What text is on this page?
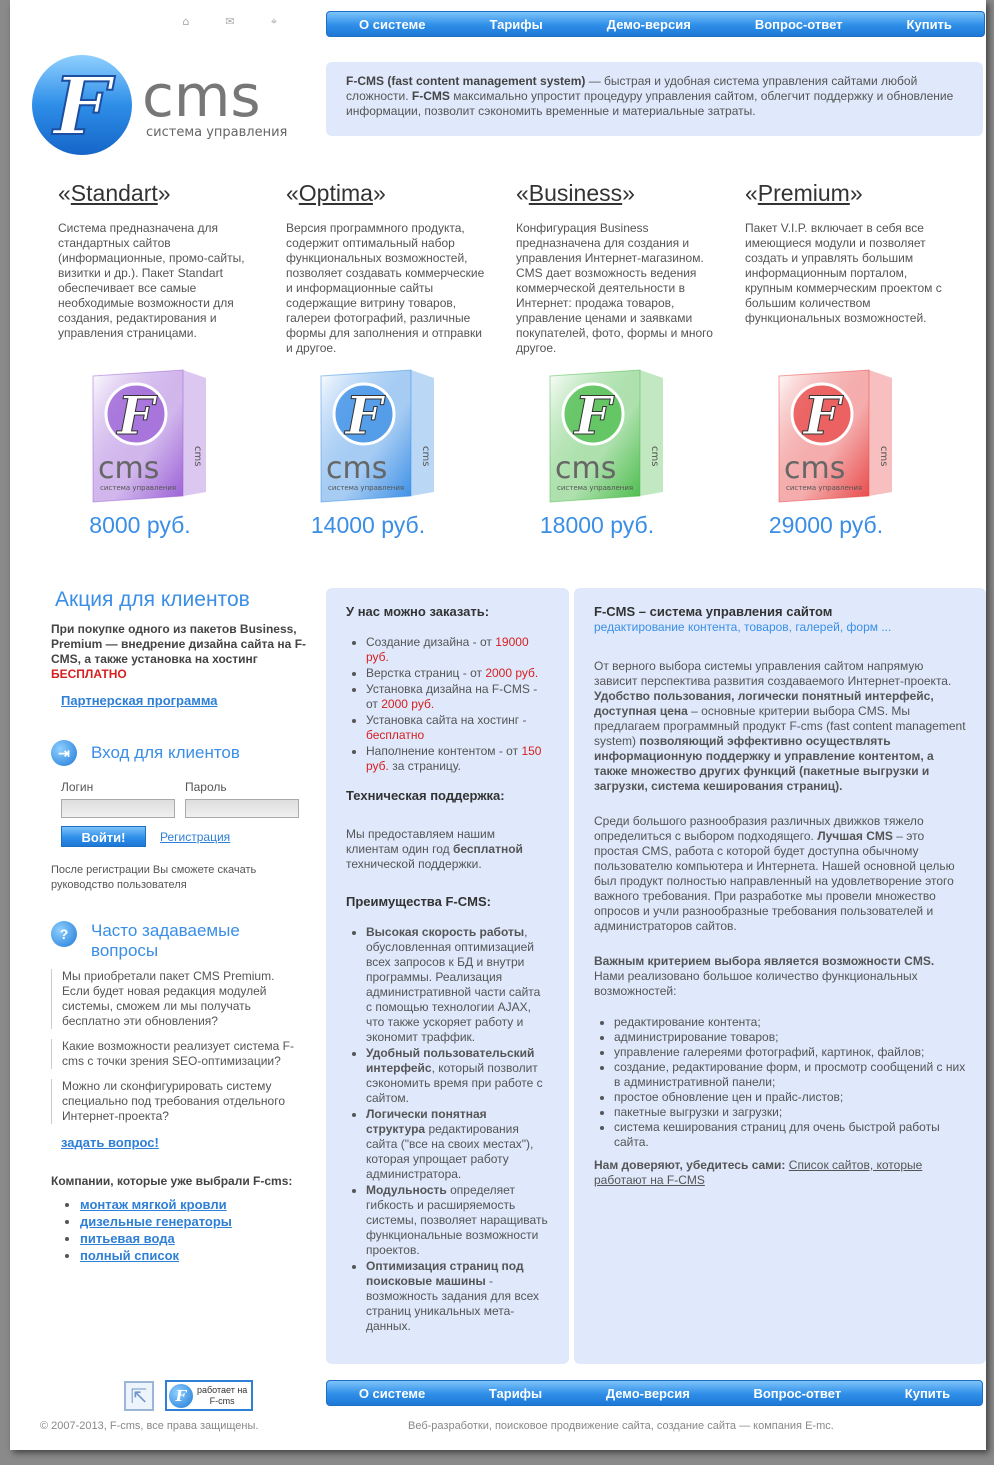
⌂	✉	⌖	О системе	Тарифы	Демо-версия	Вопрос-ответ	Купить
F cms
система управления
F-CMS (fast content management system) — быстрая и удобная система управления сайтами любой сложности. F-CMS максимально упростит процедуру управления сайтом, облегчит поддержку и обновление информации, позволит сэкономить временные и материальные затраты.
«Standart»
Система предназначена для стандартных сайтов (информационные, промо-сайты, визитки и др.). Пакет Standart обеспечивает все самые необходимые возможности для создания, редактирования и управления страницами.
«Optima»
Версия программного продукта, содержит оптимальный набор функциональных возможностей, позволяет создавать коммерческие и информационные сайты содержащие витрину товаров, галереи фотографий, различные формы для заполнения и отправки и другое.
«Business»
Конфигурация Business предназначена для создания и управления Интернет-магазином. CMS дает возможность ведения коммерческой деятельности в Интернет: продажа товаров, управление ценами и заявками покупателей, фото, формы и много другое.
«Premium»
Пакет V.I.P. включает в себя все имеющиеся модули и позволяет создать и управлять большим информационным порталом, крупным коммерческим проектом с большим количеством функциональных возможностей.
F
cms
система управления
cms
F
cms
система управления
cms
F
cms
система управления
cms
F
cms
система управления
cms
8000 руб.	14000 руб.	18000 руб.	29000 руб.
Акция для клиентов
При покупке одного из пакетов Business, Premium — внедрение дизайна сайта на F-CMS, а также установка на хостинг БЕСПЛАТНО
Партнерская программа
⇥	Вход для клиентов
Логин	Пароль
Войти!	Регистрация
После регистрации Вы сможете скачать руководство пользователя
?	Часто задаваемые вопросы
Мы приобретали пакет CMS Premium. Если будет новая редакция модулей системы, сможем ли мы получать бесплатно эти обновления?
Какие возможности реализует система F-cms с точки зрения SEO-оптимизации?
Можно ли сконфигурировать систему специально под требования отдельного Интернет-проекта?
задать вопрос!
Компании, которые уже выбрали F-cms:
• монтаж мягкой кровли
• дизельные генераторы
• питьевая вода
• полный список
У нас можно заказать:
• Создание дизайна - от 19000 руб.
• Верстка страниц - от 2000 руб.
• Установка дизайна на F-CMS - от 2000 руб.
• Установка сайта на хостинг - бесплатно
• Наполнение контентом - от 150 руб. за страницу.
Техническая поддержка:
Мы предоставляем нашим клиентам один год бесплатной технической поддержки.
Преимущества F-CMS:
• Высокая скорость работы, обусловленная оптимизацией всех запросов к БД и внутри программы. Реализация административной части сайта с помощью технологии AJAX, что также ускоряет работу и экономит траффик.
• Удобный пользовательский интерфейс, который позволит сэкономить время при работе с сайтом.
• Логически понятная структура редактирования сайта ("все на своих местах"), которая упрощает работу администратора.
• Модульность определяет гибкость и расширяемость системы, позволяет наращивать функциональные возможности проектов.
• Оптимизация страниц под поисковые машины - возможность задания для всех страниц уникальных мета-данных.
F-CMS – система управления сайтом
редактирование контента, товаров, галерей, форм ...

От верного выбора системы управления сайтом напрямую зависит перспектива развития создаваемого Интернет-проекта. Удобство пользования, логически понятный интерфейс, доступная цена – основные критерии выбора CMS. Мы предлагаем программный продукт F-cms (fast content management system) позволяющий эффективно осуществлять информационную поддержку и управление контентом, а также множество других функций (пакетные выгрузки и загрузки, система кеширования страниц).

Среди большого разнообразия различных движков тяжело определиться с выбором подходящего. Лучшая CMS – это простая CMS, работа с которой будет доступна обычному пользователю компьютера и Интернета. Нашей основной целью был продукт полностью направленный на удовлетворение этого важного требования. При разработке мы провели множество опросов и учли разнообразные требования пользователей и администраторов сайтов.

Важным критерием выбора является возможности CMS. Нами реализовано большое количество функциональных возможностей:

• редактирование контента;
• администрирование товаров;
• управление галереями фотографий, картинок, файлов;
• создание, редактирование форм, и просмотр сообщений с них в административной панели;
• простое обновление цен и прайс-листов;
• пакетные выгрузки и загрузки;
• система кеширования страниц для очень быстрой работы сайта.

Нам доверяют, убедитесь сами: Список сайтов, которые работают на F-CMS

⇱	F	работает на
F-cms	О системе	Тарифы	Демо-версия	Вопрос-ответ	Купить
© 2007-2013, F-cms, все права защищены.	Веб-разработки, поисковое продвижение сайта, создание сайта — компания E-mc.
